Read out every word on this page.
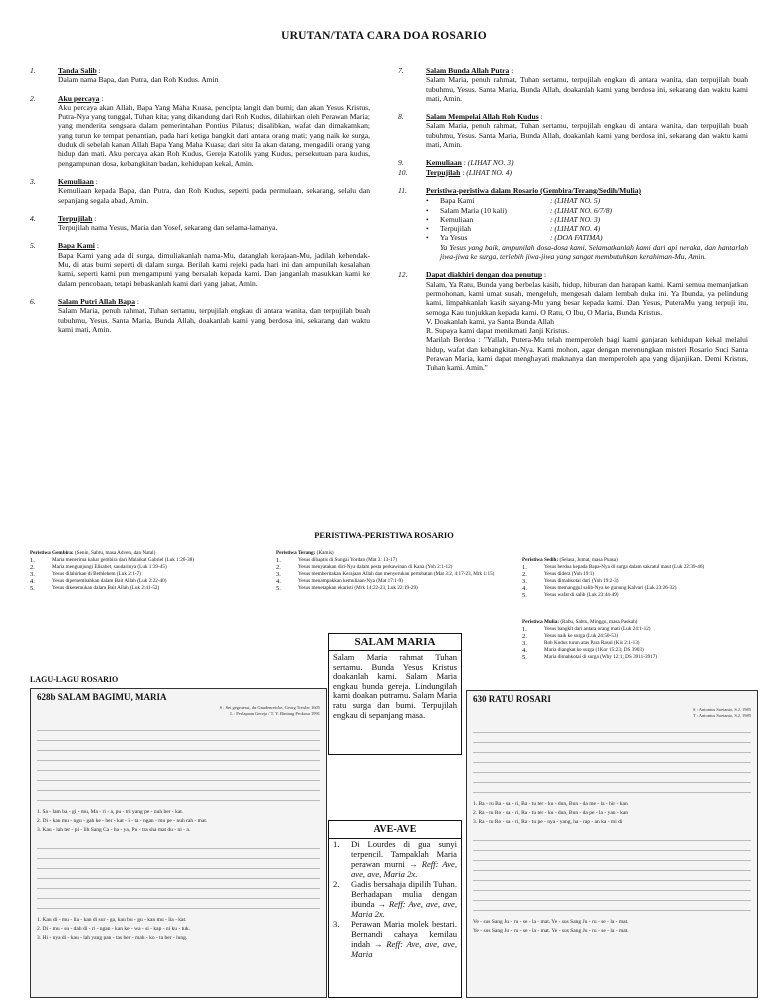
URUTAN/TATA CARA DOA ROSARIO
1.	Tanda Salib :
Dalam nama Bapa, dan Putra, dan Roh Kudus. Amin
2.	Aku percaya :
Aku percaya akan Allah, Bapa Yang Maha Kuasa, pencipta langit dan bumi; dan akan Yesus Kristus, Putra-Nya yang tunggal, Tuhan kita; yang dikandung dari Roh Kudus, dilahirkan oleh Perawan Maria; yang menderita sengsara dalam pemerintahan Pontius Pilatus; disalibkan, wafat dan dimakamkan; yang turun ke tempat penantian, pada hari ketiga bangkit dari antara orang mati; yang naik ke surga, duduk di sebelah kanan Allah Bapa Yang Maha Kuasa; dari situ Ia akan datang, mengadili orang yang hidup dan mati. Aku percaya akan Roh Kudus, Gereja Katolik yang Kudus, persekutuan para kudus, pengampunan dosa, kebangkitan badan, kehidupan kekal, Amin.
3.	Kemuliaan :
Kemuliaan kepada Bapa, dan Putra, dan Roh Kudus, seperti pada permulaan, sekarang, selalu dan sepanjang segala abad, Amin.
4.	Terpujilah :
Terpujilah nama Yesus, Maria dan Yosef, sekarang dan selama-lamanya.
5.	Bapa Kami :
Bapa Kami yang ada di surga, dimuliakanlah nama-Mu, datanglah kerajaan-Mu, jadilah kehendak-Mu, di atas bumi seperti di dalam surga. Berilah kami rejeki pada hari ini dan ampunilah kesalahan kami, seperti kami pun mengampuni yang bersalah kepada kami. Dan janganlah masukkan kami ke dalam pencobaan, tetapi bebaskanlah kami dari yang jahat, Amin.
6.	Salam Putri Allah Bapa :
Salam Maria, penuh rahmat, Tuhan sertamu, terpujilah engkau di antara wanita, dan terpujilah buah tubuhmu, Yesus. Santa Maria, Bunda Allah, doakanlah kami yang berdosa ini, sekarang dan waktu kami mati, Amin.
7.	Salam Bunda Allah Putra :
Salam Maria, penuh rahmat, Tuhan sertamu, terpujilah engkau di antara wanita, dan terpujilah buah tubuhmu, Yesus. Santa Maria, Bunda Allah, doakanlah kami yang berdosa ini, sekarang dan waktu kami mati, Amin.
8.	Salam Mempelai Allah Roh Kudus :
Salam Maria, penuh rahmat, Tuhan sertamu, terpujilah engkau di antara wanita, dan terpujilah buah tubuhmu, Yesus. Santa Maria, Bunda Allah, doakanlah kami yang berdosa ini, sekarang dan waktu kami mati, Amin.
9.	Kemuliaan : (LIHAT NO. 3)
10.	Terpujilah : (LIHAT NO. 4)
11.	Peristiwa-peristiwa dalam Rosario (Gembira/Terang/Sedih/Mulia)
•	Bapa Kami	: (LIHAT NO. 5)
•	Salam Maria (10 kali)	: (LIHAT NO. 6/7/8)
•	Kemuliaan	: (LIHAT NO. 3)
•	Terpujilah	: (LIHAT NO. 4)
•	Ya Yesus	: (DOA FATIMA)
Ya Yesus yang baik, ampunilah dosa-dosa kami. Selamatkanlah kami dari api neraka, dan hantarlah jiwa-jiwa ke surga, terlebih jiwa-jiwa yang sangat membutuhkan kerahiman-Mu, Amin.
12.	Dapat diakhiri dengan doa penutup :
Salam, Ya Ratu, Bunda yang berbelas kasih, hidup, hiburan dan harapan kami. Kami semua memanjatkan permohonan, kami umat susah, mengeluh, mengesah dalam lembah duka ini. Ya Ibunda, ya pelindung kami, limpahkanlah kasih sayang-Mu yang besar kepada kami. Dan Yesus, PuteraMu yang terpuji itu, semoga Kau tunjukkan kepada kami. O Ratu, O Ibu, O Maria, Bunda Kristus.
V. Doakanlah kami, ya Santa Bunda Allah
R. Supaya kami dapat menikmati Janji Kristus.
Marilah Berdoa : "Yallah, Putera-Mu telah memperoleh bagi kami ganjaran kehidupan kekal melalui hidup, wafat dan kebangkitan-Nya. Kami mohon, agar dengan merenungkan misteri Rosario Suci Santa Perawan Maria, kami dapat menghayati maknanya dan memperoleh apa yang dijanjikan. Demi Kristus, Tuhan kami. Amin."
PERISTIWA-PERISTIWA ROSARIO
Peristiwa Gembira: (Senin, Sabtu, masa Adven, dan Natal)
1.	Maria menerima kabar gembira dari Malaikat Gabriel (Luk 1:26-38)
2.	Maria mengunjungi Elisabet, saudarinya (Luk 1:39-45)
3.	Yesus dilahirkan di Bethlehem (Luk 2:1-7)
4.	Yesus dipersembahkan dalam Bait Allah (Luk 2:22-40)
5.	Yesus diketemukan dalam Bait Allah (Luk 2:41-52)
Peristiwa Terang: (Kamis)
1.	Yesus dibaptis di Sungai Yordan (Mat 3: 13-17)
2.	Yesus menyatakan diri-Nya dalam pesta perkawinan di Kana (Yoh 2:1-12)
3.	Yesus memberitakan Kerajaan Allah dan menyerukan pertobatan (Mat 3:2, 4:17-23, Mrk 1:15)
4.	Yesus menampakkan kemuliaan-Nya (Mat 17:1-9)
5.	Yesus menetapkan ekaristi (Mrk 14:22-23, Luk 22:19-29)
Peristiwa Sedih: (Selasa, Jumat, masa Puasa)
1.	Yesus berdoa kepada Bapa-Nya di surga dalam sakratul maut (Luk 22:39-46)
2.	Yesus didera (Yoh 19:1)
3.	Yesus dimahkotai duri (Yoh 19:2-3)
4.	Yesus memanggul salib-Nya ke gunung Kalvari (Luk 23:26-32)
5.	Yesus wafat di salib (Luk 23:44-49)
Peristiwa Mulia: (Rabu, Sabtu, Minggu, masa Paskah)
1.	Yesus bangkit dari antara orang mati (Luk 24:1-12)
2.	Yesus naik ke surga (Luk 24:50-53)
3.	Roh Kudus turun atas Para Rasul (Kis 2:1-13)
4.	Maria diangkat ke surga (1Kor 15:23; DS 3903)
5.	Maria dimahkotai di surga (Why 12:1; DS 3911-3917)
LAGU-LAGU ROSARIO
628b SALAM BAGIMU, MARIA
S : Sei gegruesst, du Gnadenreiche, Georg Trexler 1605
L : Perlapaan Gereja / T. Y. Bintang Prokosa 1991
1. Sa - lam ba - gi - mu, Ma - ri - a, pu - tri yang pe - nuh ber - kat.
2. Di - kau mu - ngu - gah ke - her - kat - i - ta - ngan - mu pe - nuh rah - mat.
3. Kau - lah ter - pi - lih Sang Ca - ha - ya, Pu - tra sha mat du - ni - a.
1. Kau di - mu - lia - kan di sur - ga, kau bu - gu - kan mu - lia - kat.
2. Di - mu - su - dah di - ri - ngan - kan ke - wa - si - kap - ni ku - tuk.
3. Hi - nya di - kau - lah yang pan - tas ber - mah - ko - ta ber - lung.
SALAM MARIA
Salam Maria rahmat Tuhan sertamu. Bunda Yesus Kristus doakanlah kami. Salam Maria engkau bunda gereja. Lindungilah kami doakan putramu. Salam Maria ratu surga dan bumi. Terpujilah engkau di sepanjang masa.
AVE-AVE
1.	Di Lourdes di gua sunyi terpencil. Tampaklah Maria perawan murni → Reff: Ave, ave, ave, Maria 2x.
2.	Gadis bersahaja dipilih Tuhan. Berhadapan mulia dengan ibunda → Reff: Ave, ave, ave, Maria 2x.
3.	Perawan Maria molek bestari. Bernandi cahaya kemilau indah → Reff: Ave, ave, ave, Maria
630 RATU ROSARI
S : Antonius Soetanto, S.J. 1985
T : Antonius Soetanto, S.J. 1985
1. Ba - ru Ba - sa - ri, Ba - tu ter - ku - dun, Bun - da me - la - hir - kan
2. Ra - tu Ro - sa - ri, Ra - tu ter - ku - dun, Bun - da pe - la - yan - kan
3. Ra - tu Ro - sa - ri, Ra - tu pe - nya - yang, ha - rap - an ka - mi di
Ve - sus Sang Ju - ru - se - la - mat. Ye - sus Sang Ju - ru - se - la - mat.
Ye - sus Sang Ju - ru - se - la - mat. Ye - sus Sang Ju - ru - se - la - mat.
